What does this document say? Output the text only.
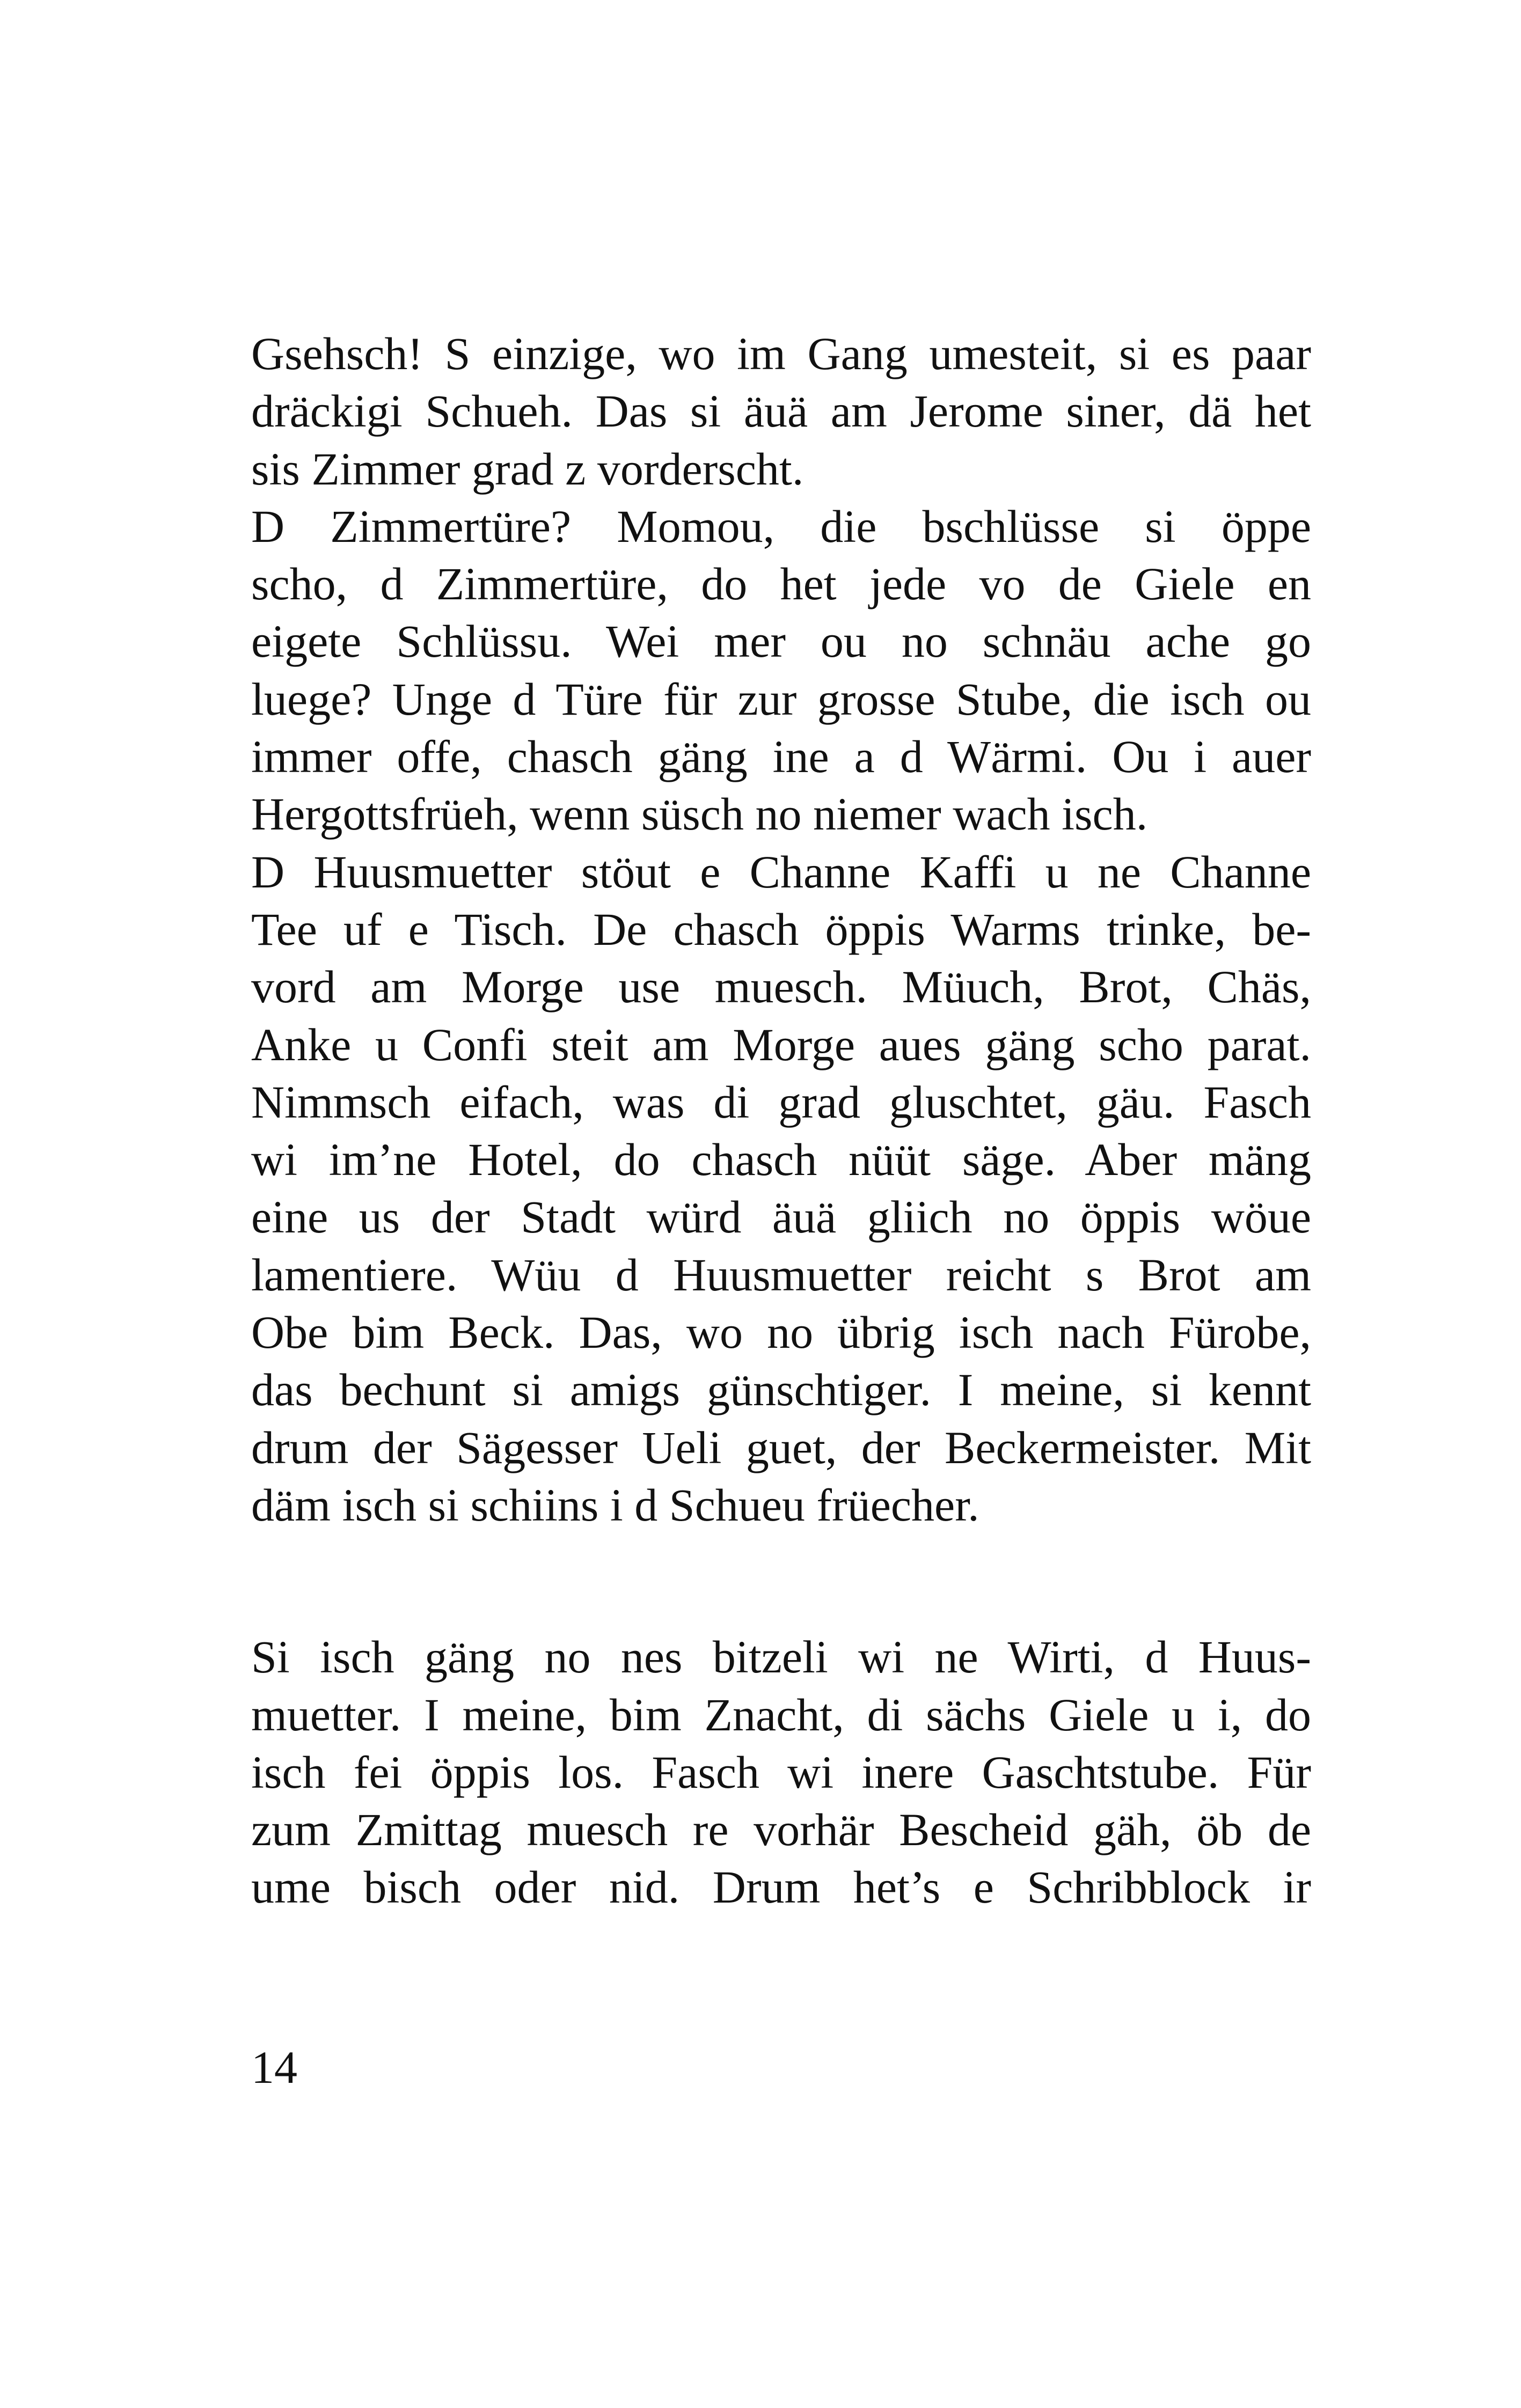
Gsehsch! S einzige, wo im Gang umesteit, si es paar
dräckigi Schueh. Das si äuä am Jerome siner, dä het
sis Zimmer grad z vorderscht.

D Zimmertüre? Momou, die bschlüsse si öppe
scho, d Zimmertüre, do het jede vo de Giele en
eigete Schlüssu. Wei mer ou no schnäu ache go
luege? Unge d Türe für zur grosse Stube, die isch ou
immer offe, chasch gäng ine a d Wärmi. Ou i auer
Hergottsfrüeh, wenn süsch no niemer wach isch.

D Huusmuetter stöut e Channe Kaffi u ne Channe
Tee uf e Tisch. De chasch öppis Warms trinke, be-
vord am Morge use muesch. Müuch, Brot, Chäs,
Anke u Confi steit am Morge aues gäng scho parat.
Nimmsch eifach, was di grad gluschtet, gäu. Fasch
wi im’ne Hotel, do chasch nüüt säge. Aber mäng
eine us der Stadt würd äuä gliich no öppis wöue
lamentiere. Wüu d Huusmuetter reicht s Brot am
Obe bim Beck. Das, wo no übrig isch nach Fürobe,
das bechunt si amigs günschtiger. I meine, si kennt
drum der Sägesser Ueli guet, der Beckermeister. Mit
däm isch si schiins i d Schueu früecher.

Si isch gäng no nes bitzeli wi ne Wirti, d Huus-
muetter. I meine, bim Znacht, di sächs Giele u i, do
isch fei öppis los. Fasch wi inere Gaschtstube. Für
zum Zmittag muesch re vorhär Bescheid gäh, öb de
ume bisch oder nid. Drum het’s e Schribblock ir

14
